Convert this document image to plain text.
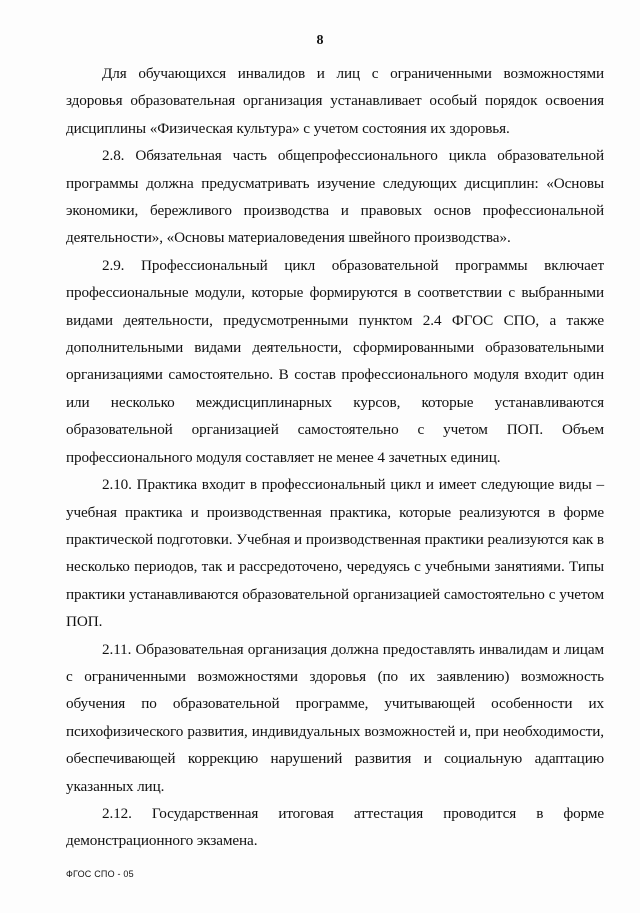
8

Для обучающихся инвалидов и лиц с ограниченными возможностями здоровья образовательная организация устанавливает особый порядок освоения дисциплины «Физическая культура» с учетом состояния их здоровья.

2.8. Обязательная часть общепрофессионального цикла образовательной программы должна предусматривать изучение следующих дисциплин: «Основы экономики, бережливого производства и правовых основ профессиональной деятельности», «Основы материаловедения швейного производства».

2.9. Профессиональный цикл образовательной программы включает профессиональные модули, которые формируются в соответствии с выбранными видами деятельности, предусмотренными пунктом 2.4 ФГОС СПО, а также дополнительными видами деятельности, сформированными образовательными организациями самостоятельно. В состав профессионального модуля входит один или несколько междисциплинарных курсов, которые устанавливаются образовательной организацией самостоятельно с учетом ПОП. Объем профессионального модуля составляет не менее 4 зачетных единиц.

2.10. Практика входит в профессиональный цикл и имеет следующие виды – учебная практика и производственная практика, которые реализуются в форме практической подготовки. Учебная и производственная практики реализуются как в несколько периодов, так и рассредоточено, чередуясь с учебными занятиями. Типы практики устанавливаются образовательной организацией самостоятельно с учетом ПОП.

2.11. Образовательная организация должна предоставлять инвалидам и лицам с ограниченными возможностями здоровья (по их заявлению) возможность обучения по образовательной программе, учитывающей особенности их психофизического развития, индивидуальных возможностей и, при необходимости, обеспечивающей коррекцию нарушений развития и социальную адаптацию указанных лиц.

2.12. Государственная итоговая аттестация проводится в форме демонстрационного экзамена.

ФГОС СПО - 05
